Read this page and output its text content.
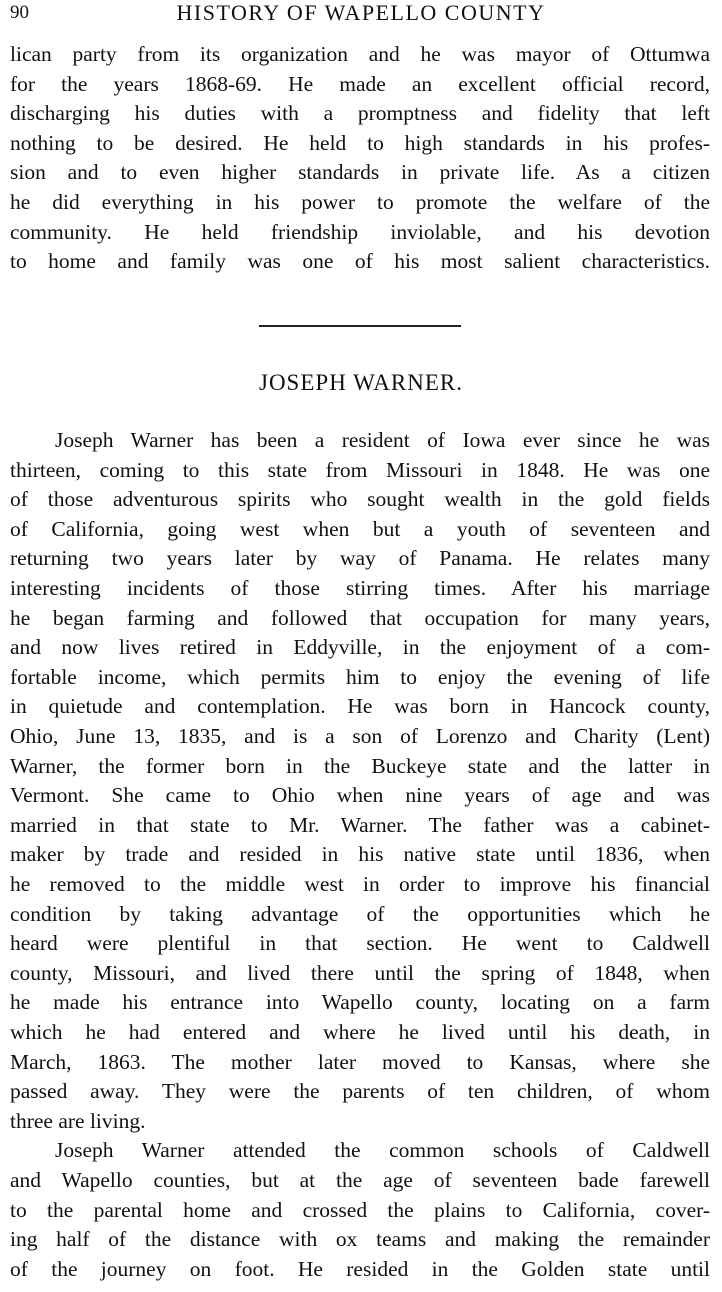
90	HISTORY OF WAPELLO COUNTY
lican party from its organization and he was mayor of Ottumwa
for the years 1868-69. He made an excellent official record,
discharging his duties with a promptness and fidelity that left
nothing to be desired. He held to high standards in his profes-
sion and to even higher standards in private life. As a citizen
he did everything in his power to promote the welfare of the
community. He held friendship inviolable, and his devotion
to home and family was one of his most salient characteristics.
JOSEPH WARNER.
Joseph Warner has been a resident of Iowa ever since he was
thirteen, coming to this state from Missouri in 1848. He was one
of those adventurous spirits who sought wealth in the gold fields
of California, going west when but a youth of seventeen and
returning two years later by way of Panama. He relates many
interesting incidents of those stirring times. After his marriage
he began farming and followed that occupation for many years,
and now lives retired in Eddyville, in the enjoyment of a com-
fortable income, which permits him to enjoy the evening of life
in quietude and contemplation. He was born in Hancock county,
Ohio, June 13, 1835, and is a son of Lorenzo and Charity (Lent)
Warner, the former born in the Buckeye state and the latter in
Vermont. She came to Ohio when nine years of age and was
married in that state to Mr. Warner. The father was a cabinet-
maker by trade and resided in his native state until 1836, when
he removed to the middle west in order to improve his financial
condition by taking advantage of the opportunities which he
heard were plentiful in that section. He went to Caldwell
county, Missouri, and lived there until the spring of 1848, when
he made his entrance into Wapello county, locating on a farm
which he had entered and where he lived until his death, in
March, 1863. The mother later moved to Kansas, where she
passed away. They were the parents of ten children, of whom
three are living.
Joseph Warner attended the common schools of Caldwell
and Wapello counties, but at the age of seventeen bade farewell
to the parental home and crossed the plains to California, cover-
ing half of the distance with ox teams and making the remainder
of the journey on foot. He resided in the Golden state until
